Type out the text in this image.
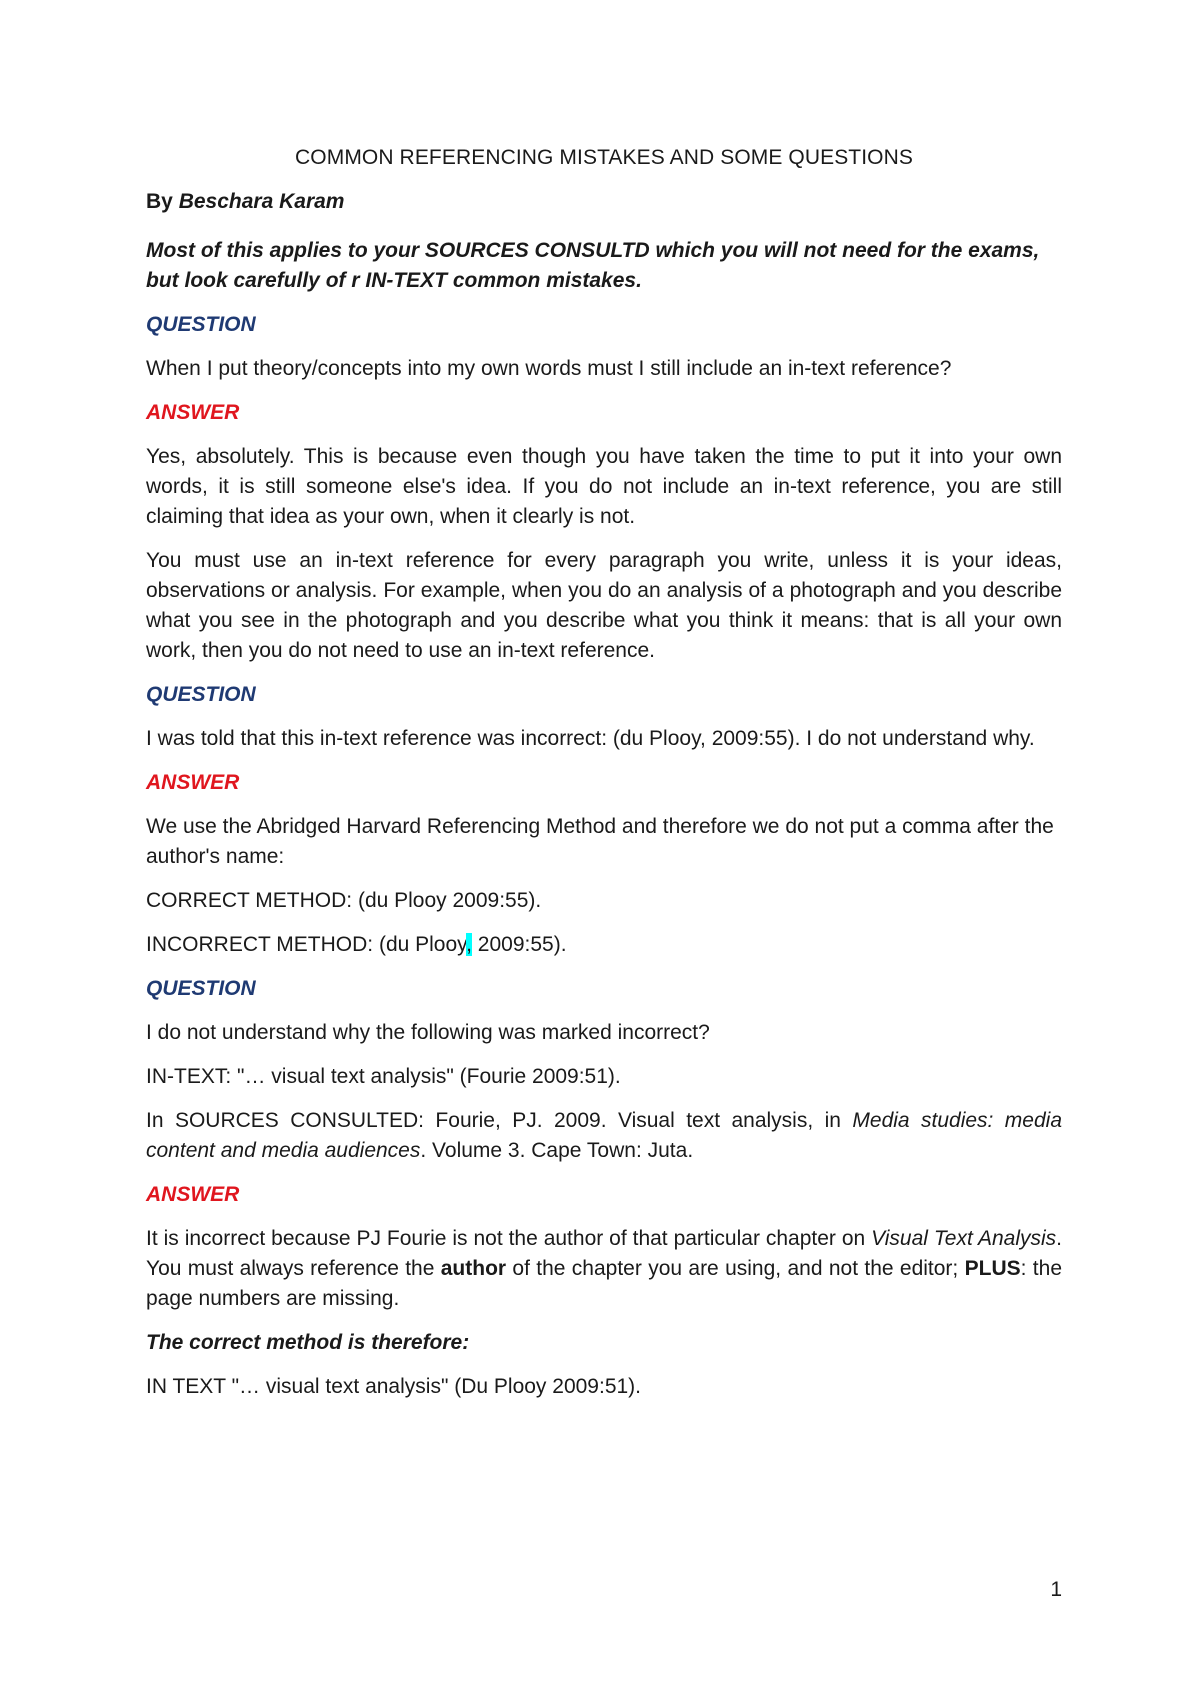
COMMON REFERENCING MISTAKES AND SOME QUESTIONS
By Beschara Karam
Most of this applies to your SOURCES CONSULTD which you will not need for the exams, but look carefully of r IN-TEXT common mistakes.
QUESTION
When I put theory/concepts into my own words must I still include an in-text reference?
ANSWER
Yes, absolutely. This is because even though you have taken the time to put it into your own words, it is still someone else's idea. If you do not include an in-text reference, you are still claiming that idea as your own, when it clearly is not.
You must use an in-text reference for every paragraph you write, unless it is your ideas, observations or analysis. For example, when you do an analysis of a photograph and you describe what you see in the photograph and you describe what you think it means: that is all your own work, then you do not need to use an in-text reference.
QUESTION
I was told that this in-text reference was incorrect: (du Plooy, 2009:55). I do not understand why.
ANSWER
We use the Abridged Harvard Referencing Method and therefore we do not put a comma after the author's name:
CORRECT METHOD: (du Plooy 2009:55).
INCORRECT METHOD: (du Plooy, 2009:55).
QUESTION
I do not understand why the following was marked incorrect?
IN-TEXT: "… visual text analysis" (Fourie 2009:51).
In SOURCES CONSULTED: Fourie, PJ. 2009. Visual text analysis, in Media studies: media content and media audiences. Volume 3. Cape Town: Juta.
ANSWER
It is incorrect because PJ Fourie is not the author of that particular chapter on Visual Text Analysis. You must always reference the author of the chapter you are using, and not the editor; PLUS: the page numbers are missing.
The correct method is therefore:
IN TEXT "… visual text analysis" (Du Plooy 2009:51).
1
